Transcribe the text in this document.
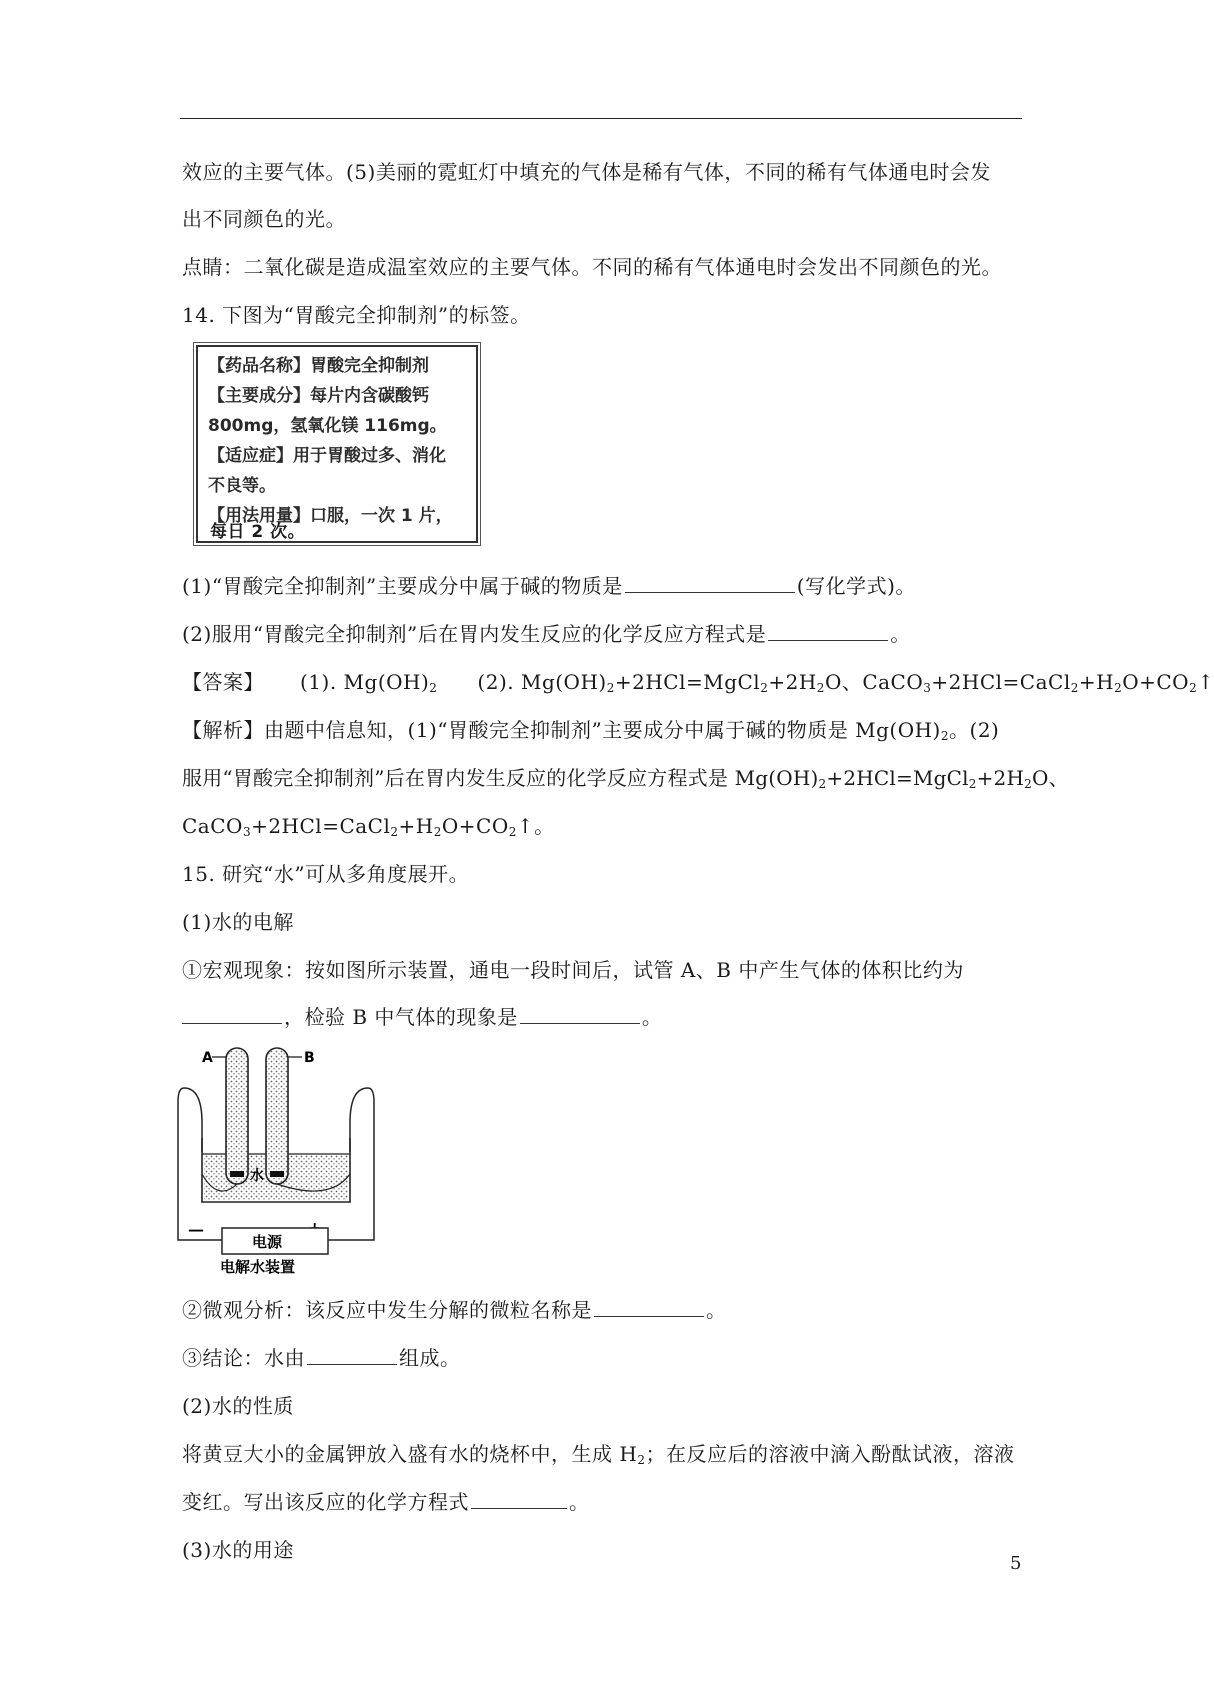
效应的主要气体。(5)美丽的霓虹灯中填充的气体是稀有气体，不同的稀有气体通电时会发
出不同颜色的光。
点睛：二氧化碳是造成温室效应的主要气体。不同的稀有气体通电时会发出不同颜色的光。
14. 下图为“胃酸完全抑制剂”的标签。
【药品名称】胃酸完全抑制剂
【主要成分】每片内含碳酸钙
800mg，氢氧化镁 116mg。
【适应症】用于胃酸过多、消化
不良等。
【用法用量】口服，一次 1 片，
每日 2 次。
(1)“胃酸完全抑制剂”主要成分中属于碱的物质是	(写化学式)。
(2)服用“胃酸完全抑制剂”后在胃内发生反应的化学反应方程式是	。
【答案】 (1). $Mg(OH)_2$ (2). $Mg(OH)_2+2HCl=MgCl_2+2H_2O$、$CaCO_3+2HCl=CaCl_2+H_2O+CO_2↑$
【解析】由题中信息知，(1)“胃酸完全抑制剂”主要成分中属于碱的物质是 $Mg(OH)_2$。(2)
服用“胃酸完全抑制剂”后在胃内发生反应的化学反应方程式是 $Mg(OH)_2+2HCl=MgCl_2+2H_2O$、
$CaCO_3+2HCl=CaCl_2+H_2O+CO_2↑$。
15. 研究“水”可从多角度展开。
(1)水的电解
①宏观现象：按如图所示装置，通电一段时间后，试管 A、B 中产生气体的体积比约为
，检验 B 中气体的现象是	。
A	B
水
—
电源
电解水装置
②微观分析：该反应中发生分解的微粒名称是	。
③结论：水由	组成。
(2)水的性质
将黄豆大小的金属钾放入盛有水的烧杯中，生成 $H_2$；在反应后的溶液中滴入酚酞试液，溶液
变红。写出该反应的化学方程式	。
(3)水的用途
5
